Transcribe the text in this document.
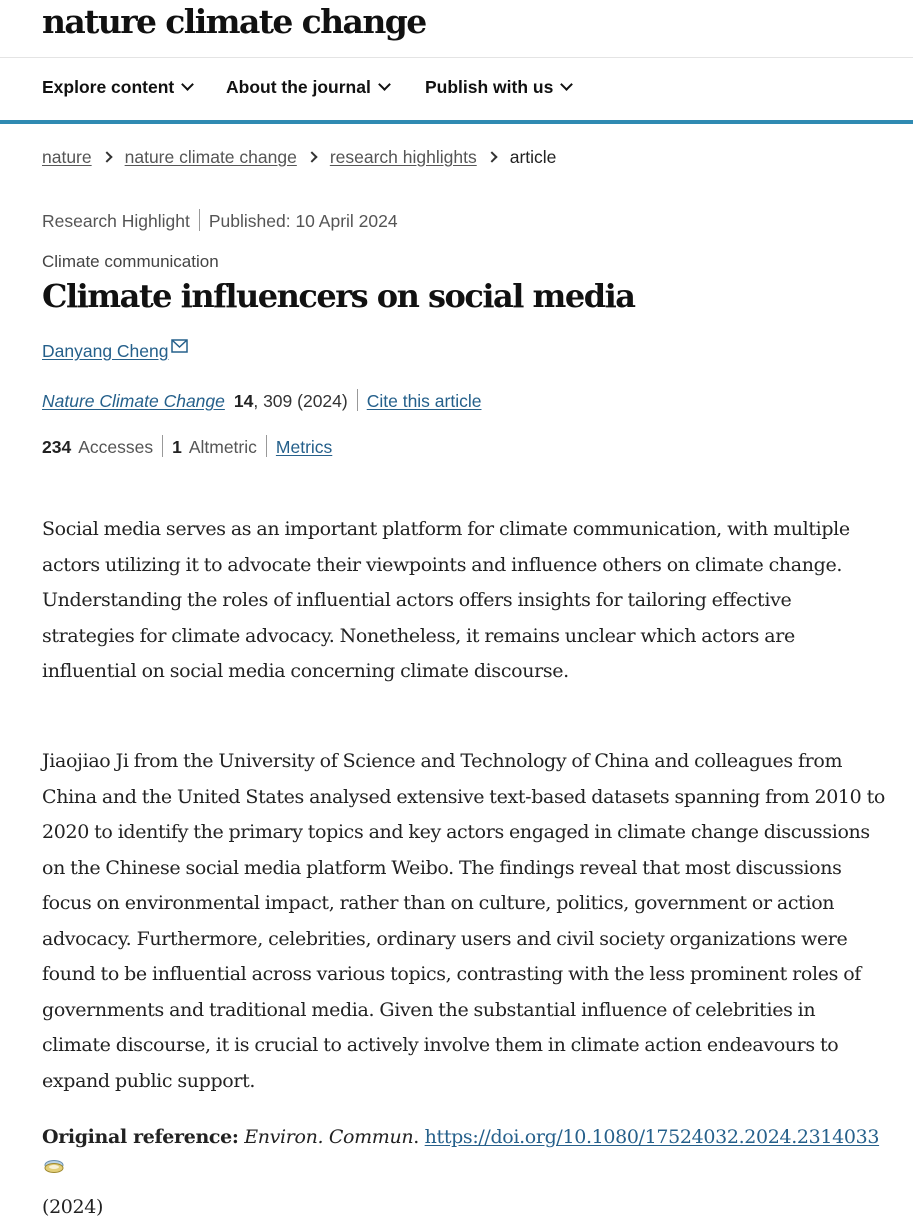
nature climate change
Explore content	About the journal	Publish with us
nature nature climate change research highlights article
Research Highlight Published: 10 April 2024
Climate communication
Climate influencers on social media
Danyang Cheng
Nature Climate Change 14, 309 (2024) Cite this article
234 Accesses 1 Altmetric Metrics

Social media serves as an important platform for climate communication, with multiple actors utilizing it to advocate their viewpoints and influence others on climate change. Understanding the roles of influential actors offers insights for tailoring effective strategies for climate advocacy. Nonetheless, it remains unclear which actors are influential on social media concerning climate discourse.

Jiaojiao Ji from the University of Science and Technology of China and colleagues from China and the United States analysed extensive text-based datasets spanning from 2010 to 2020 to identify the primary topics and key actors engaged in climate change discussions on the Chinese social media platform Weibo. The findings reveal that most discussions focus on environmental impact, rather than on culture, politics, government or action advocacy. Furthermore, celebrities, ordinary users and civil society organizations were found to be influential across various topics, contrasting with the less prominent roles of governments and traditional media. Given the substantial influence of celebrities in climate discourse, it is crucial to actively involve them in climate action endeavours to expand public support.

Original reference: Environ. Commun. https://doi.org/10.1080/17524032.2024.2314033
(2024)
